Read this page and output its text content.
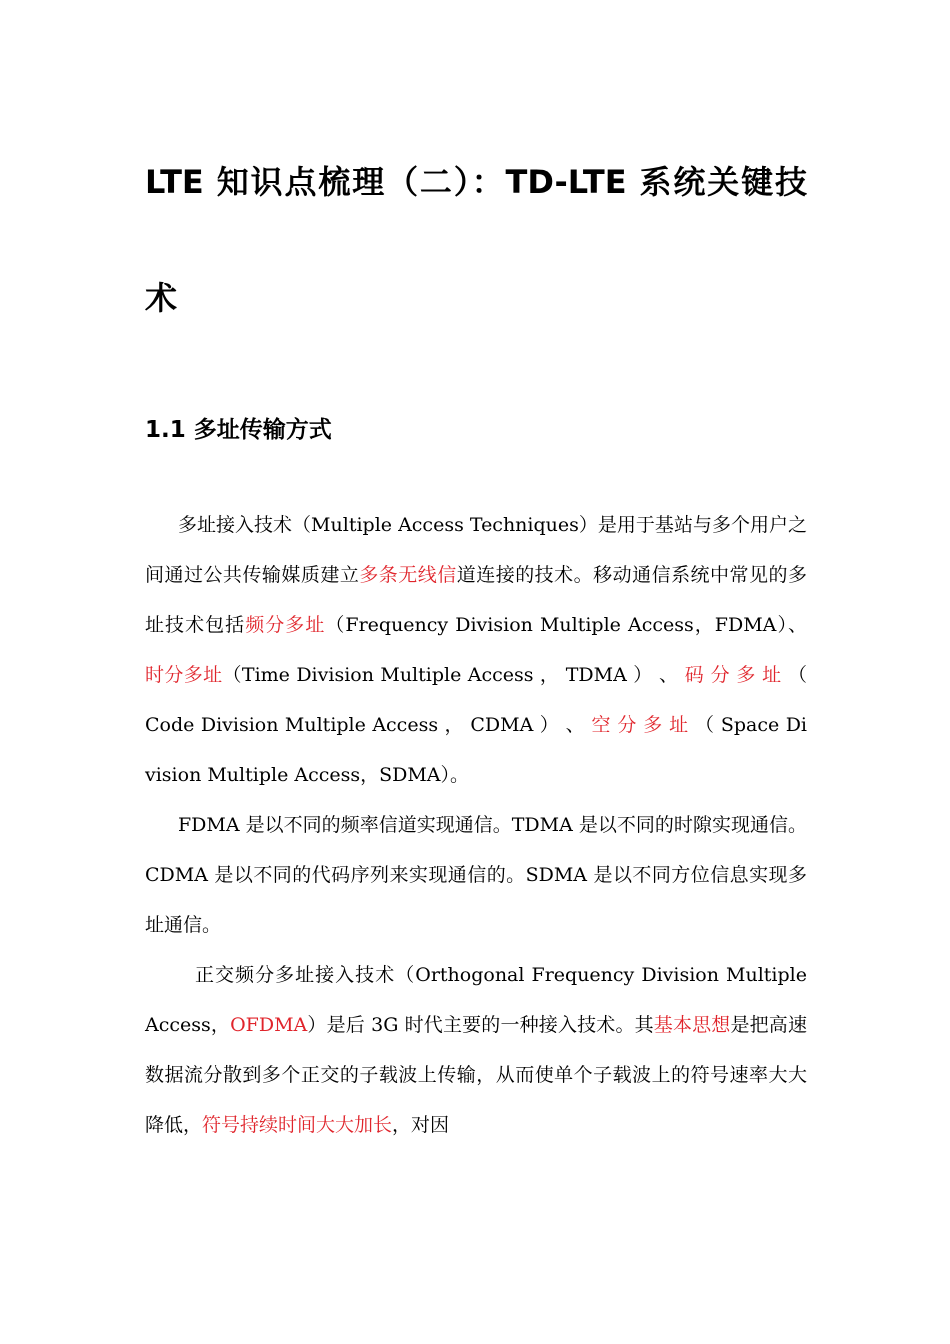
LTE 知识点梳理（二）：TD-LTE 系统关键技
术
1.1 多址传输方式

多址接入技术（Multiple Access Techniques）是用于基站与多个用户之间通过公共传输媒质建立多条无线信道连接的技术。移动通信系统中常见的多址技术包括频分多址（Frequency Division Multiple Access，FDMA）、时分多址（Time Division Multiple Access ， TDMA ） 、 码 分 多 址 （ Code Division Multiple Access ， CDMA ） 、 空 分 多 址 （ Space Division Multiple Access，SDMA）。

FDMA 是以不同的频率信道实现通信。TDMA 是以不同的时隙实现通信。CDMA 是以不同的代码序列来实现通信的。SDMA 是以不同方位信息实现多址通信。

正交频分多址接入技术（Orthogonal Frequency Division Multiple Access，OFDMA）是后 3G 时代主要的一种接入技术。其基本思想是把高速数据流分散到多个正交的子载波上传输，从而使单个子载波上的符号速率大大降低，符号持续时间大大加长，对因
